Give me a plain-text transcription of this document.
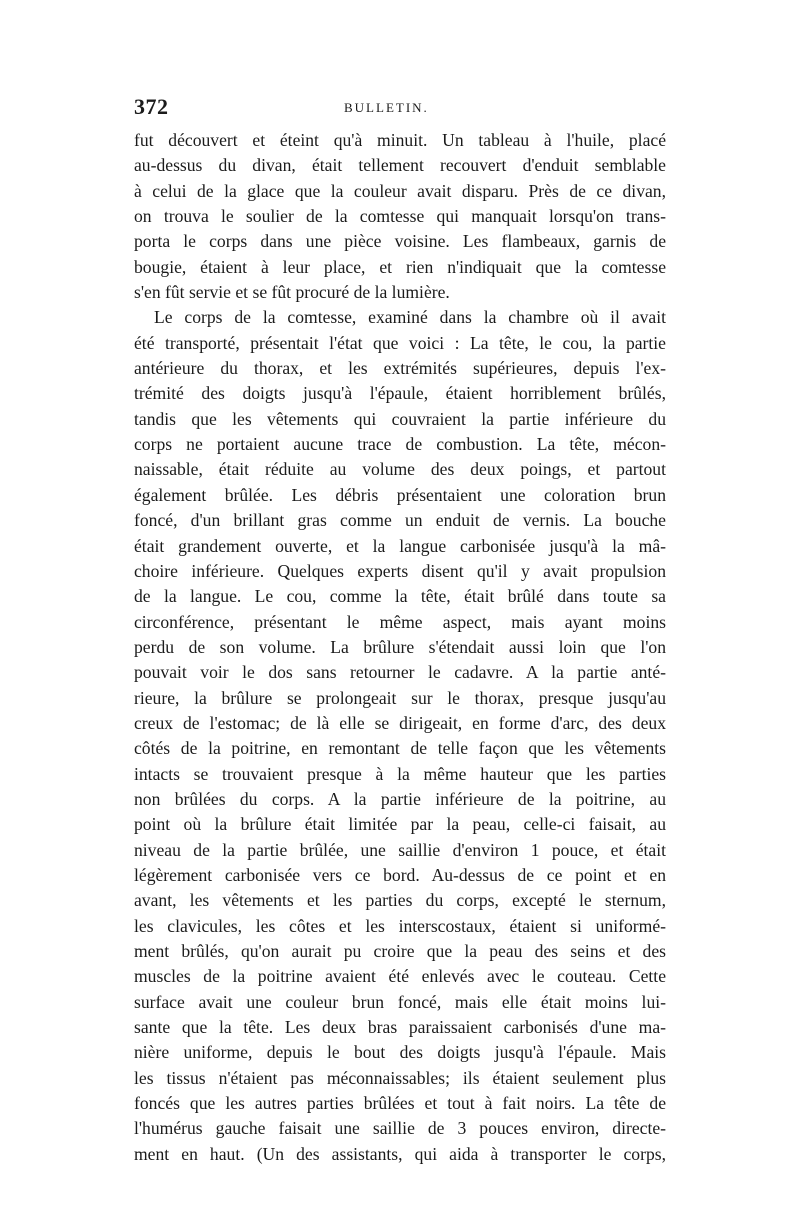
372	BULLETIN.
fut découvert et éteint qu'à minuit. Un tableau à l'huile, placé
au-dessus du divan, était tellement recouvert d'enduit semblable
à celui de la glace que la couleur avait disparu. Près de ce divan,
on trouva le soulier de la comtesse qui manquait lorsqu'on trans-
porta le corps dans une pièce voisine. Les flambeaux, garnis de
bougie, étaient à leur place, et rien n'indiquait que la comtesse
s'en fût servie et se fût procuré de la lumière.
Le corps de la comtesse, examiné dans la chambre où il avait
été transporté, présentait l'état que voici : La tête, le cou, la partie
antérieure du thorax, et les extrémités supérieures, depuis l'ex-
trémité des doigts jusqu'à l'épaule, étaient horriblement brûlés,
tandis que les vêtements qui couvraient la partie inférieure du
corps ne portaient aucune trace de combustion. La tête, mécon-
naissable, était réduite au volume des deux poings, et partout
également brûlée. Les débris présentaient une coloration brun
foncé, d'un brillant gras comme un enduit de vernis. La bouche
était grandement ouverte, et la langue carbonisée jusqu'à la mâ-
choire inférieure. Quelques experts disent qu'il y avait propulsion
de la langue. Le cou, comme la tête, était brûlé dans toute sa
circonférence, présentant le même aspect, mais ayant moins
perdu de son volume. La brûlure s'étendait aussi loin que l'on
pouvait voir le dos sans retourner le cadavre. A la partie anté-
rieure, la brûlure se prolongeait sur le thorax, presque jusqu'au
creux de l'estomac; de là elle se dirigeait, en forme d'arc, des deux
côtés de la poitrine, en remontant de telle façon que les vêtements
intacts se trouvaient presque à la même hauteur que les parties
non brûlées du corps. A la partie inférieure de la poitrine, au
point où la brûlure était limitée par la peau, celle-ci faisait, au
niveau de la partie brûlée, une saillie d'environ 1 pouce, et était
légèrement carbonisée vers ce bord. Au-dessus de ce point et en
avant, les vêtements et les parties du corps, excepté le sternum,
les clavicules, les côtes et les interscostaux, étaient si uniformé-
ment brûlés, qu'on aurait pu croire que la peau des seins et des
muscles de la poitrine avaient été enlevés avec le couteau. Cette
surface avait une couleur brun foncé, mais elle était moins lui-
sante que la tête. Les deux bras paraissaient carbonisés d'une ma-
nière uniforme, depuis le bout des doigts jusqu'à l'épaule. Mais
les tissus n'étaient pas méconnaissables; ils étaient seulement plus
foncés que les autres parties brûlées et tout à fait noirs. La tête de
l'humérus gauche faisait une saillie de 3 pouces environ, directe-
ment en haut. (Un des assistants, qui aida à transporter le corps,
